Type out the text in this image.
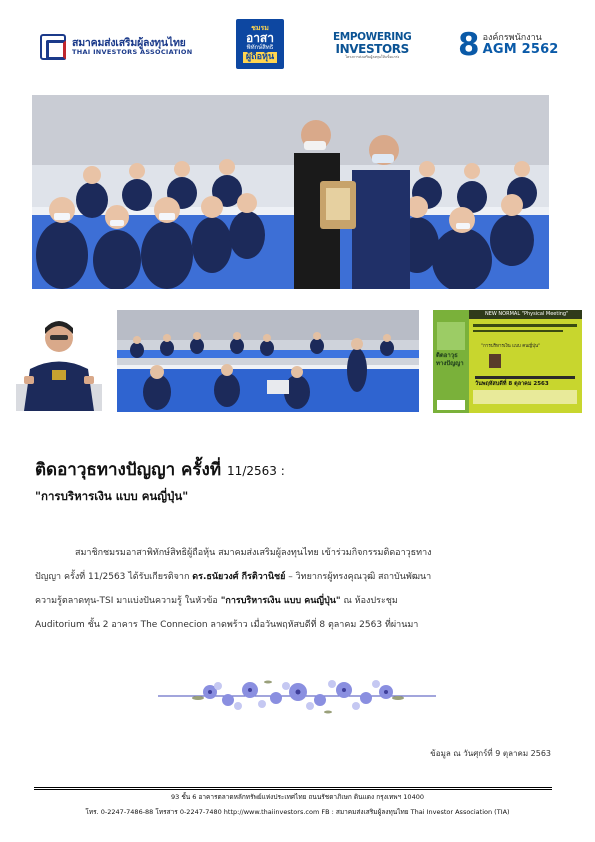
สมาคมส่งเสริมผู้ลงทุนไทย
THAI INVESTORS ASSOCIATION
ชมรม
อาสา
พิทักษ์สิทธิ
ผู้ถือหุ้น
EMPOWERING
INVESTORS
โครงการส่งเสริมผู้ลงทุนให้แข็งแกร่ง 8 องค์กรพนักงาน
AGM 2562
NEW NORMAL "Physical Meeting"
ติดอาวุธทางปัญญา
"การบริหารเงิน แบบ คนญี่ปุ่น"
วันพฤหัสบดีที่ 8 ตุลาคม 2563
ติดอาวุธทางปัญญา ครั้งที่ 11/2563 :
"การบริหารเงิน แบบ คนญี่ปุ่น"

สมาชิกชมรมอาสาพิทักษ์สิทธิผู้ถือหุ้น สมาคมส่งเสริมผู้ลงทุนไทย เข้าร่วมกิจกรรมติดอาวุธทาง

ปัญญา ครั้งที่ 11/2563 ได้รับเกียรติจาก ดร.ธนัยวงศ์ กีรติวานิชย์ – วิทยากรผู้ทรงคุณวุฒิ สถาบันพัฒนา

ความรู้ตลาดทุน-TSI มาแบ่งปันความรู้ ในหัวข้อ "การบริหารเงิน แบบ คนญี่ปุ่น" ณ ห้องประชุม

Auditorium ชั้น 2 อาคาร The Connecion ลาดพร้าว เมื่อวันพฤหัสบดีที่ 8 ตุลาคม 2563 ที่ผ่านมา

ข้อมูล ณ วันศุกร์ที่ 9 ตุลาคม 2563
93 ชั้น 6 อาคารตลาดหลักทรัพย์แห่งประเทศไทย ถนนรัชดาภิเษก ดินแดง กรุงเทพฯ 10400
โทร. 0-2247-7486-88 โทรสาร 0-2247-7480 http://www.thaiinvestors.com FB : สมาคมส่งเสริมผู้ลงทุนไทย Thai Investor Association (TIA)
